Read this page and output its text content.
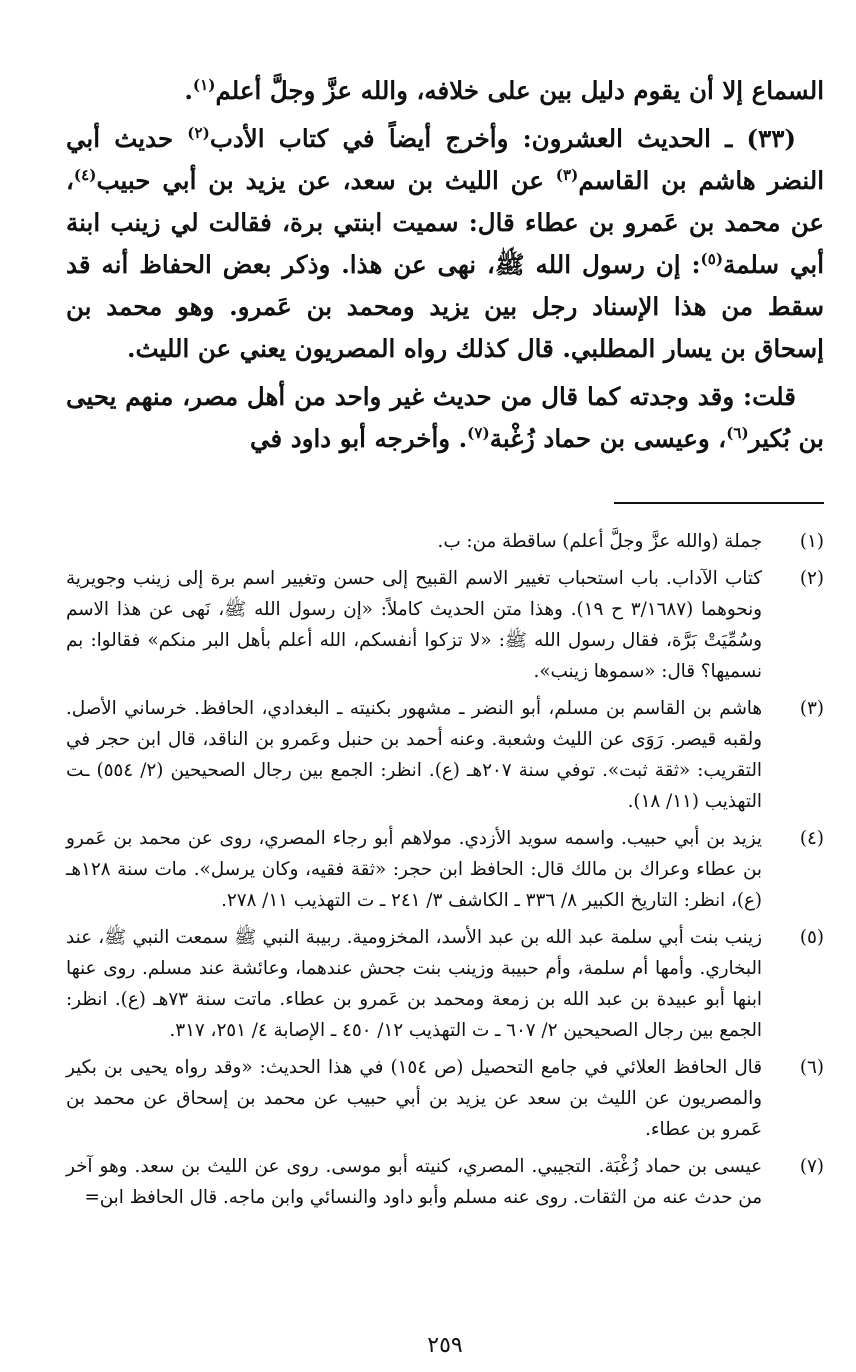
السماع إلا أن يقوم دليل بين على خلافه، والله عزَّ وجلَّ أعلم$^{(١)}$.

(٣٣) ـ الحديث العشرون: وأخرج أيضاً في كتاب الأدب$^{(٢)}$ حديث أبي النضر هاشم بن القاسم$^{(٣)}$ عن الليث بن سعد، عن يزيد بن أبي حبيب$^{(٤)}$، عن محمد بن عَمرو بن عطاء قال: سميت ابنتي برة، فقالت لي زينب ابنة أبي سلمة$^{(٥)}$: إن رسول الله ﷺ، نهى عن هذا. وذكر بعض الحفاظ أنه قد سقط من هذا الإسناد رجل بين يزيد ومحمد بن عَمرو. وهو محمد بن إسحاق بن يسار المطلبي. قال كذلك رواه المصريون يعني عن الليث.

قلت: وقد وجدته كما قال من حديث غير واحد من أهل مصر، منهم يحيى بن بُكير$^{(٦)}$، وعيسى بن حماد زُغْبة$^{(٧)}$. وأخرجه أبو داود في

(١)
جملة (والله عزَّ وجلَّ أعلم) ساقطة من: ب.
(٢)
كتاب الآداب. باب استحباب تغيير الاسم القبيح إلى حسن وتغيير اسم برة إلى زينب وجويرية ونحوهما (٣/١٦٨٧ ح ١٩). وهذا متن الحديث كاملاً: «إن رسول الله ﷺ، نَهى عن هذا الاسم وسُمِّيَتْ بَرَّة، فقال رسول الله ﷺ: «لا تزكوا أنفسكم، الله أعلم بأهل البر منكم» فقالوا: بم نسميها؟ قال: «سموها زينب».
(٣)
هاشم بن القاسم بن مسلم، أبو النضر ـ مشهور بكنيته ـ البغدادي، الحافظ. خرساني الأصل. ولقبه قيصر. رَوَى عن الليث وشعبة. وعنه أحمد بن حنبل وعَمرو بن الناقد، قال ابن حجر في التقريب: «ثقة ثبت». توفي سنة ٢٠٧هـ (ع). انظر: الجمع بين رجال الصحيحين (٢/ ٥٥٤) ـت التهذيب (١١/ ١٨).
(٤)
يزيد بن أبي حبيب. واسمه سويد الأزدي. مولاهم أبو رجاء المصري، روى عن محمد بن عَمرو بن عطاء وعراك بن مالك قال: الحافظ ابن حجر: «ثقة فقيه، وكان يرسل». مات سنة ١٢٨هـ (ع)، انظر: التاريخ الكبير ٨/ ٣٣٦ ـ الكاشف ٣/ ٢٤١ ـ ت التهذيب ١١/ ٢٧٨.
(٥)
زينب بنت أبي سلمة عبد الله بن عبد الأسد، المخزومية. ربيبة النبي ﷺ سمعت النبي ﷺ، عند البخاري. وأمها أم سلمة، وأم حبيبة وزينب بنت جحش عندهما، وعائشة عند مسلم. روى عنها ابنها أبو عبيدة بن عبد الله بن زمعة ومحمد بن عَمرو بن عطاء. ماتت سنة ٧٣هـ (ع). انظر: الجمع بين رجال الصحيحين ٢/ ٦٠٧ ـ ت التهذيب ١٢/ ٤٥٠ ـ الإصابة ٤/ ٢٥١، ٣١٧.
(٦)
قال الحافظ العلائي في جامع التحصيل (ص ١٥٤) في هذا الحديث: «وقد رواه يحيى بن بكير والمصريون عن الليث بن سعد عن يزيد بن أبي حبيب عن محمد بن إسحاق عن محمد بن عَمرو بن عطاء.
(٧)
عيسى بن حماد زُغْبَة. التجيبي. المصري، كنيته أبو موسى. روى عن الليث بن سعد. وهو آخر من حدث عنه من الثقات. روى عنه مسلم وأبو داود والنسائي وابن ماجه. قال الحافظ ابن=
٢٥٩
